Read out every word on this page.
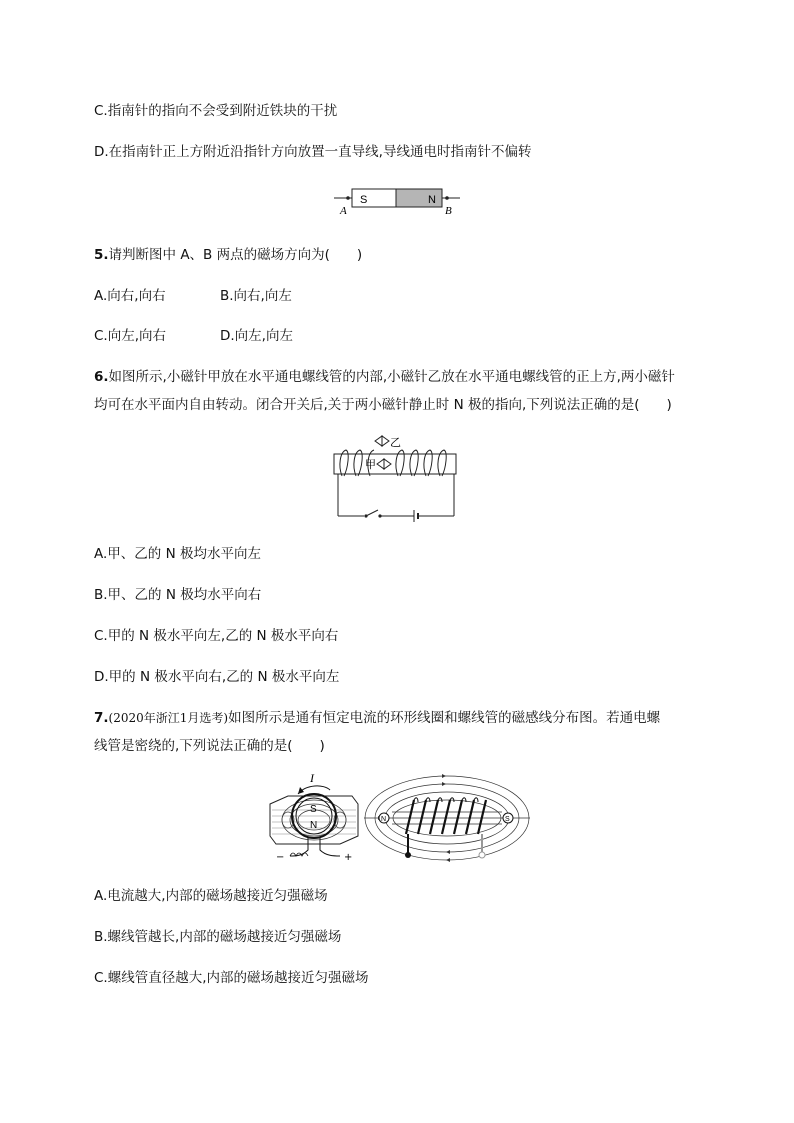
C.指南针的指向不会受到附近铁块的干扰
D.在指南针正上方附近沿指针方向放置一直导线,导线通电时指南针不偏转
S	N
A	B
5.请判断图中 A、B 两点的磁场方向为(　　)
A.向右,向右	B.向右,向左
C.向左,向右	D.向左,向左
6.如图所示,小磁针甲放在水平通电螺线管的内部,小磁针乙放在水平通电螺线管的正上方,两小磁针
均可在水平面内自由转动。闭合开关后,关于两小磁针静止时 N 极的指向,下列说法正确的是(　　)
乙
甲
A.甲、乙的 N 极均水平向左
B.甲、乙的 N 极均水平向右
C.甲的 N 极水平向左,乙的 N 极水平向右
D.甲的 N 极水平向右,乙的 N 极水平向左
7.(2020年浙江1月选考)如图所示是通有恒定电流的环形线圈和螺线管的磁感线分布图。若通电螺
线管是密绕的,下列说法正确的是(　　)
I
S
N
−	+
N	S
A.电流越大,内部的磁场越接近匀强磁场
B.螺线管越长,内部的磁场越接近匀强磁场
C.螺线管直径越大,内部的磁场越接近匀强磁场
